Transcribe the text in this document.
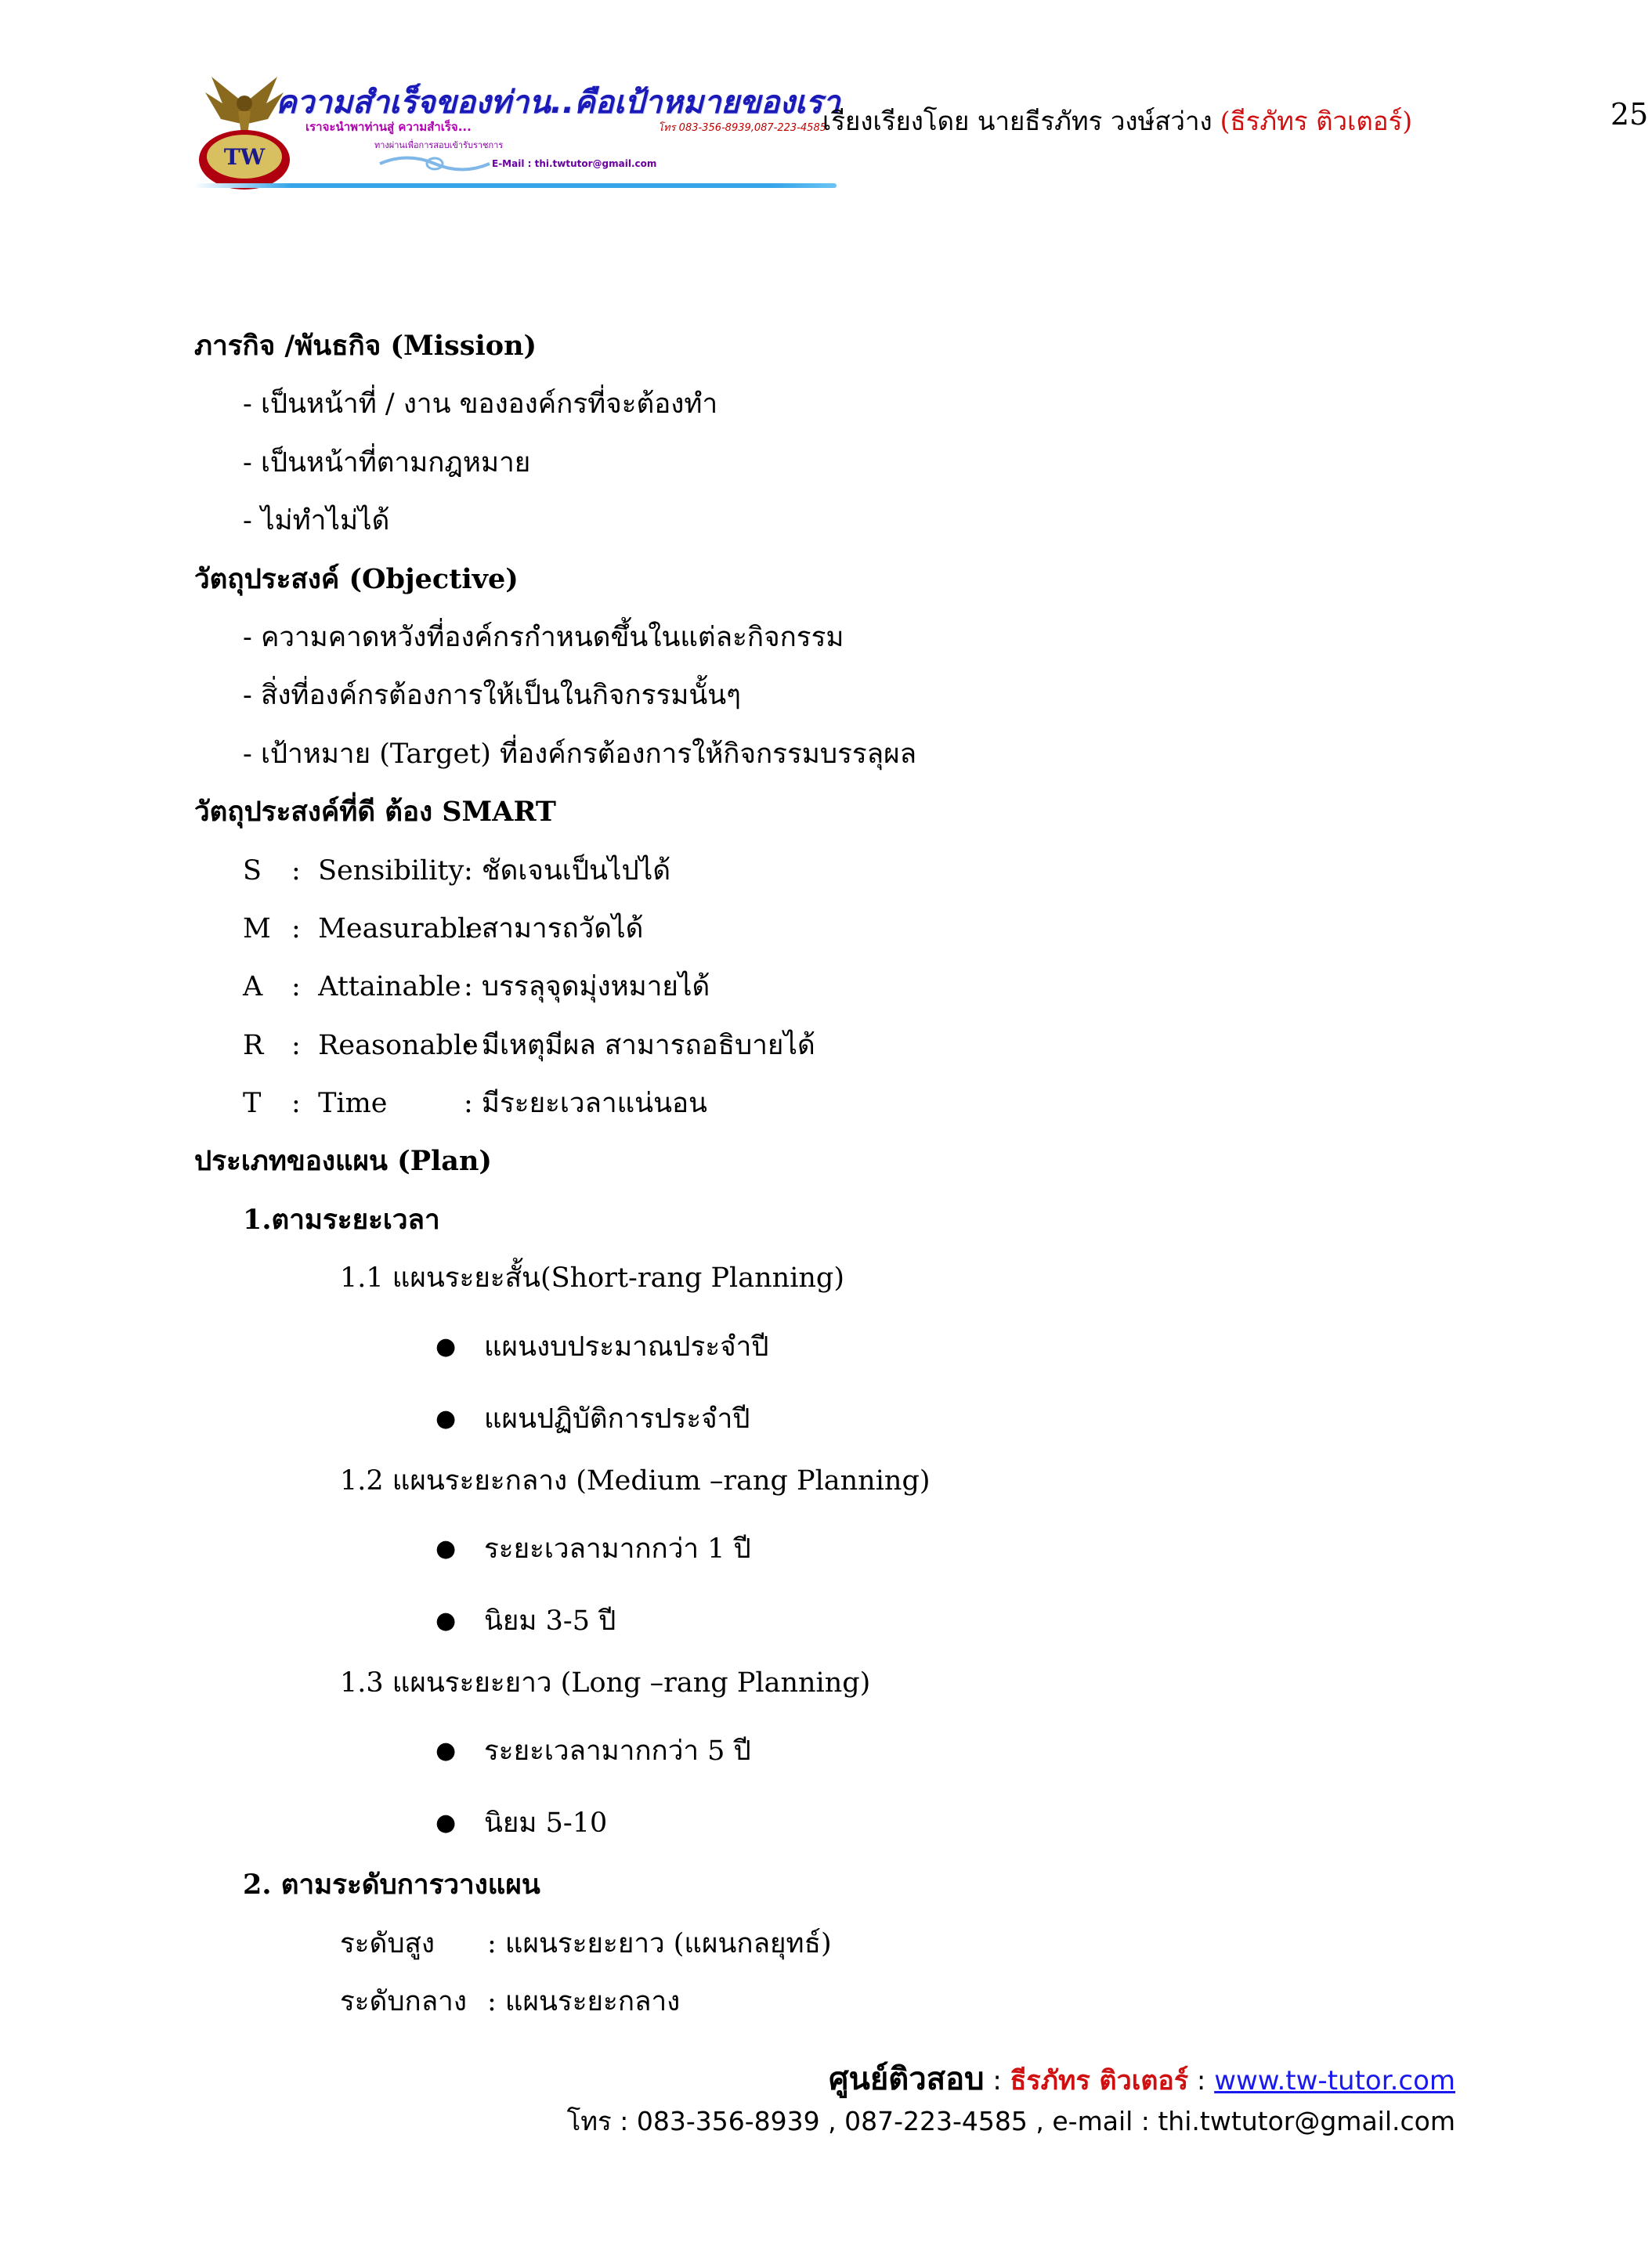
TW
ความสำเร็จของท่าน..คือเป้าหมายของเรา
เราจะนำพาท่านสู่ ความสำเร็จ...
ทางผ่านเพื่อการสอบเข้ารับราชการ
โทร 083-356-8939,087-223-4585
E-Mail : thi.twtutor@gmail.com
เรียงเรียงโดย นายธีรภัทร วงษ์สว่าง (ธีรภัทร ติวเตอร์)	25
ภารกิจ /พันธกิจ (Mission)
- เป็นหน้าที่ / งาน ขององค์กรที่จะต้องทำ
- เป็นหน้าที่ตามกฎหมาย
- ไม่ทำไม่ได้
วัตถุประสงค์ (Objective)
- ความคาดหวังที่องค์กรกำหนดขึ้นในแต่ละกิจกรรม
- สิ่งที่องค์กรต้องการให้เป็นในกิจกรรมนั้นๆ
- เป้าหมาย (Target) ที่องค์กรต้องการให้กิจกรรมบรรลุผล
วัตถุประสงค์ที่ดี ต้อง SMART
S : Sensibility: ชัดเจนเป็นไปได้
M : Measurable: สามารถวัดได้
A : Attainable: บรรลุจุดมุ่งหมายได้
R : Reasonable: มีเหตุมีผล สามารถอธิบายได้
T : Time	: มีระยะเวลาแน่นอน
ประเภทของแผน (Plan)
1.ตามระยะเวลา
1.1 แผนระยะสั้น(Short-rang Planning)
● แผนงบประมาณประจำปี
● แผนปฏิบัติการประจำปี
1.2 แผนระยะกลาง (Medium –rang Planning)
● ระยะเวลามากกว่า 1 ปี
● นิยม 3-5 ปี
1.3 แผนระยะยาว (Long –rang Planning)
● ระยะเวลามากกว่า 5 ปี
● นิยม 5-10
2. ตามระดับการวางแผน
ระดับสูง : แผนระยะยาว (แผนกลยุทธ์)
ระดับกลาง : แผนระยะกลาง
ศูนย์ติวสอบ : ธีรภัทร ติวเตอร์ : www.tw-tutor.com
โทร : 083-356-8939 , 087-223-4585 , e-mail : thi.twtutor@gmail.com
